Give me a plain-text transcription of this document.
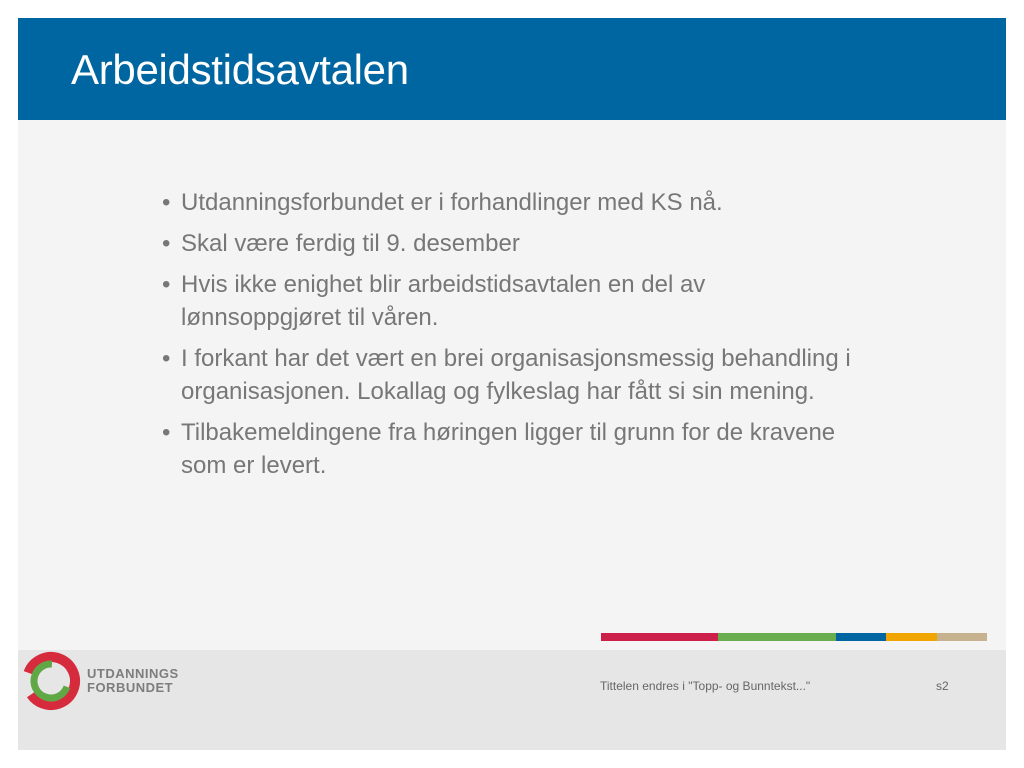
Arbeidstidsavtalen
• Utdanningsforbundet er i forhandlinger med KS nå.
• Skal være ferdig til 9. desember
• Hvis ikke enighet blir arbeidstidsavtalen en del av
lønnsoppgjøret til våren.
• I forkant har det vært en brei organisasjonsmessig behandling i
organisasjonen. Lokallag og fylkeslag har fått si sin mening.
• Tilbakemeldingene fra høringen ligger til grunn for de kravene
som er levert.
UTDANNINGS
FORBUNDET	Tittelen endres i "Topp- og Bunntekst..."	s2
